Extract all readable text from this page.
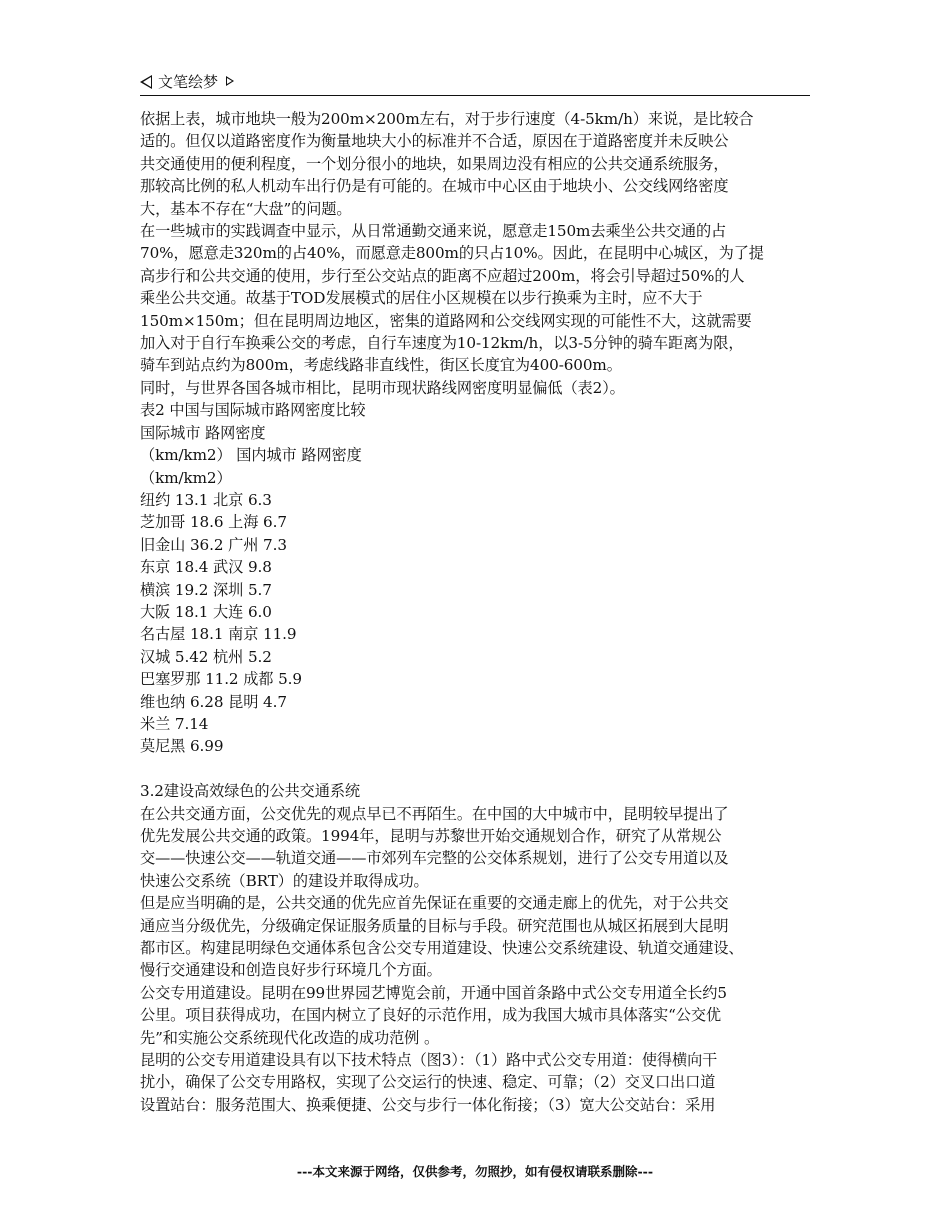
文笔绘梦

依据上表，城市地块一般为200m×200m左右，对于步行速度（4-5km/h）来说，是比较合

适的。但仅以道路密度作为衡量地块大小的标准并不合适，原因在于道路密度并未反映公

共交通使用的便利程度，一个划分很小的地块，如果周边没有相应的公共交通系统服务，

那较高比例的私人机动车出行仍是有可能的。在城市中心区由于地块小、公交线网络密度

大，基本不存在“大盘”的问题。

在一些城市的实践调查中显示，从日常通勤交通来说，愿意走150m去乘坐公共交通的占

70%，愿意走320m的占40%，而愿意走800m的只占10%。因此，在昆明中心城区，为了提

高步行和公共交通的使用，步行至公交站点的距离不应超过200m，将会引导超过50%的人

乘坐公共交通。故基于TOD发展模式的居住小区规模在以步行换乘为主时，应不大于

150m×150m；但在昆明周边地区，密集的道路网和公交线网实现的可能性不大，这就需要

加入对于自行车换乘公交的考虑，自行车速度为10-12km/h，以3-5分钟的骑车距离为限，

骑车到站点约为800m，考虑线路非直线性，街区长度宜为400-600m。

同时，与世界各国各城市相比，昆明市现状路线网密度明显偏低（表2）。

表2 中国与国际城市路网密度比较

国际城市 路网密度

（km/km2） 国内城市 路网密度

（km/km2）

纽约 13.1 北京 6.3

芝加哥 18.6 上海 6.7

旧金山 36.2 广州 7.3

东京 18.4 武汉 9.8

横滨 19.2 深圳 5.7

大阪 18.1 大连 6.0

名古屋 18.1 南京 11.9

汉城 5.42 杭州 5.2

巴塞罗那 11.2 成都 5.9

维也纳 6.28 昆明 4.7

米兰 7.14

莫尼黑 6.99

3.2建设高效绿色的公共交通系统

在公共交通方面，公交优先的观点早已不再陌生。在中国的大中城市中，昆明较早提出了

优先发展公共交通的政策。1994年，昆明与苏黎世开始交通规划合作，研究了从常规公

交——快速公交——轨道交通——市郊列车完整的公交体系规划，进行了公交专用道以及

快速公交系统（BRT）的建设并取得成功。

但是应当明确的是，公共交通的优先应首先保证在重要的交通走廊上的优先，对于公共交

通应当分级优先，分级确定保证服务质量的目标与手段。研究范围也从城区拓展到大昆明

都市区。构建昆明绿色交通体系包含公交专用道建设、快速公交系统建设、轨道交通建设、

慢行交通建设和创造良好步行环境几个方面。

公交专用道建设。昆明在99世界园艺博览会前，开通中国首条路中式公交专用道全长约5

公里。项目获得成功，在国内树立了良好的示范作用，成为我国大城市具体落实“公交优

先”和实施公交系统现代化改造的成功范例 。

昆明的公交专用道建设具有以下技术特点（图3）：（1）路中式公交专用道：使得横向干

扰小，确保了公交专用路权，实现了公交运行的快速、稳定、可靠；（2）交叉口出口道

设置站台：服务范围大、换乘便捷、公交与步行一体化衔接；（3）宽大公交站台：采用

---本文来源于网络，仅供参考，勿照抄，如有侵权请联系删除---
